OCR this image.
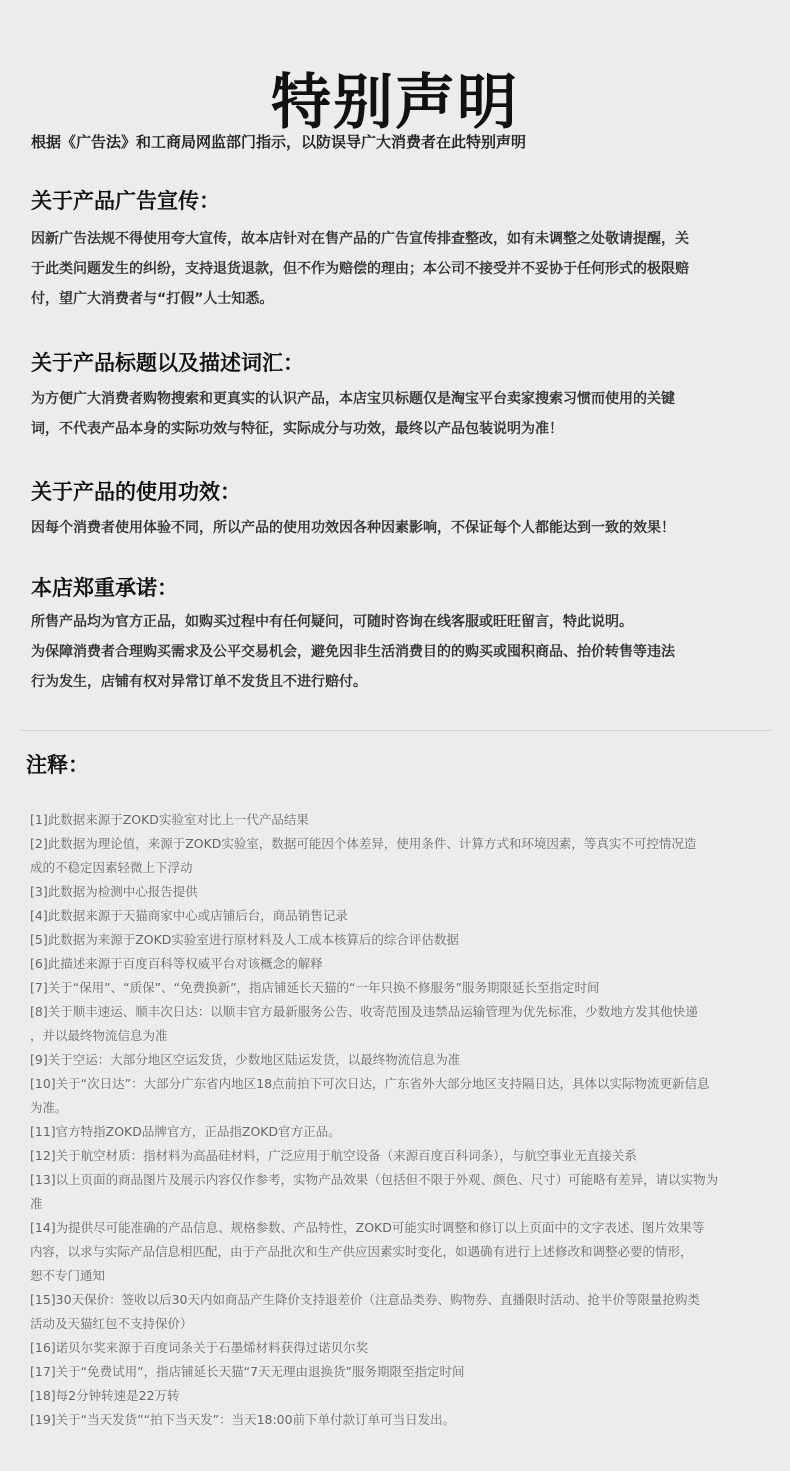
特别声明
根据《广告法》和工商局网监部门指示，以防误导广大消费者在此特别声明
关于产品广告宣传：

因新广告法规不得使用夸大宣传，故本店针对在售产品的广告宣传排查整改，如有未调整之处敬请提醒，关

于此类问题发生的纠纷，支持退货退款，但不作为赔偿的理由；本公司不接受并不妥协于任何形式的极限赔

付，望广大消费者与“打假”人士知悉。

关于产品标题以及描述词汇：

为方便广大消费者购物搜索和更真实的认识产品，本店宝贝标题仅是淘宝平台卖家搜索习惯而使用的关键

词，不代表产品本身的实际功效与特征，实际成分与功效，最终以产品包装说明为准！

关于产品的使用功效：

因每个消费者使用体验不同，所以产品的使用功效因各种因素影响，不保证每个人都能达到一致的效果！

本店郑重承诺：

所售产品均为官方正品，如购买过程中有任何疑问，可随时咨询在线客服或旺旺留言，特此说明。

为保障消费者合理购买需求及公平交易机会，避免因非生活消费目的的购买或囤积商品、抬价转售等违法

行为发生，店铺有权对异常订单不发货且不进行赔付。

注释：
[1]此数据来源于ZOKD实验室对比上一代产品结果
[2]此数据为理论值，来源于ZOKD实验室，数据可能因个体差异，使用条件、计算方式和环境因素，等真实不可控情况造
成的不稳定因素轻微上下浮动
[3]此数据为检测中心报告提供
[4]此数据来源于天猫商家中心或店铺后台，商品销售记录
[5]此数据为来源于ZOKD实验室进行原材料及人工成本核算后的综合评估数据
[6]此描述来源于百度百科等权威平台对该概念的解释
[7]关于“保用”、“质保”、“免费换新”，指店铺延长天猫的“一年只换不修服务”服务期限延长至指定时间
[8]关于顺丰速运、顺丰次日达：以顺丰官方最新服务公告、收寄范围及违禁品运输管理为优先标准，少数地方发其他快递
，并以最终物流信息为准
[9]关于空运：大部分地区空运发货，少数地区陆运发货，以最终物流信息为准
[10]关于“次日达”：大部分广东省内地区18点前拍下可次日达，广东省外大部分地区支持隔日达，具体以实际物流更新信息
为准。
[11]官方特指ZOKD品牌官方，正品指ZOKD官方正品。
[12]关于航空材质：指材料为高晶硅材料，广泛应用于航空设备（来源百度百科词条），与航空事业无直接关系
[13]以上页面的商品图片及展示内容仅作参考，实物产品效果（包括但不限于外观、颜色、尺寸）可能略有差异，请以实物为
准
[14]为提供尽可能准确的产品信息、规格参数、产品特性，ZOKD可能实时调整和修订以上页面中的文字表述、图片效果等
内容，以求与实际产品信息相匹配，由于产品批次和生产供应因素实时变化，如遇确有进行上述修改和调整必要的情形，
恕不专门通知
[15]30天保价：签收以后30天内如商品产生降价支持退差价（注意品类券、购物券、直播限时活动、抢半价等限量抢购类
活动及天猫红包不支持保价）
[16]诺贝尔奖来源于百度词条关于石墨烯材料获得过诺贝尔奖
[17]关于“免费试用”，指店铺延长天猫“7天无理由退换货”服务期限至指定时间
[18]每2分钟转速是22万转
[19]关于“当天发货”“拍下当天发”：当天18:00前下单付款订单可当日发出。
